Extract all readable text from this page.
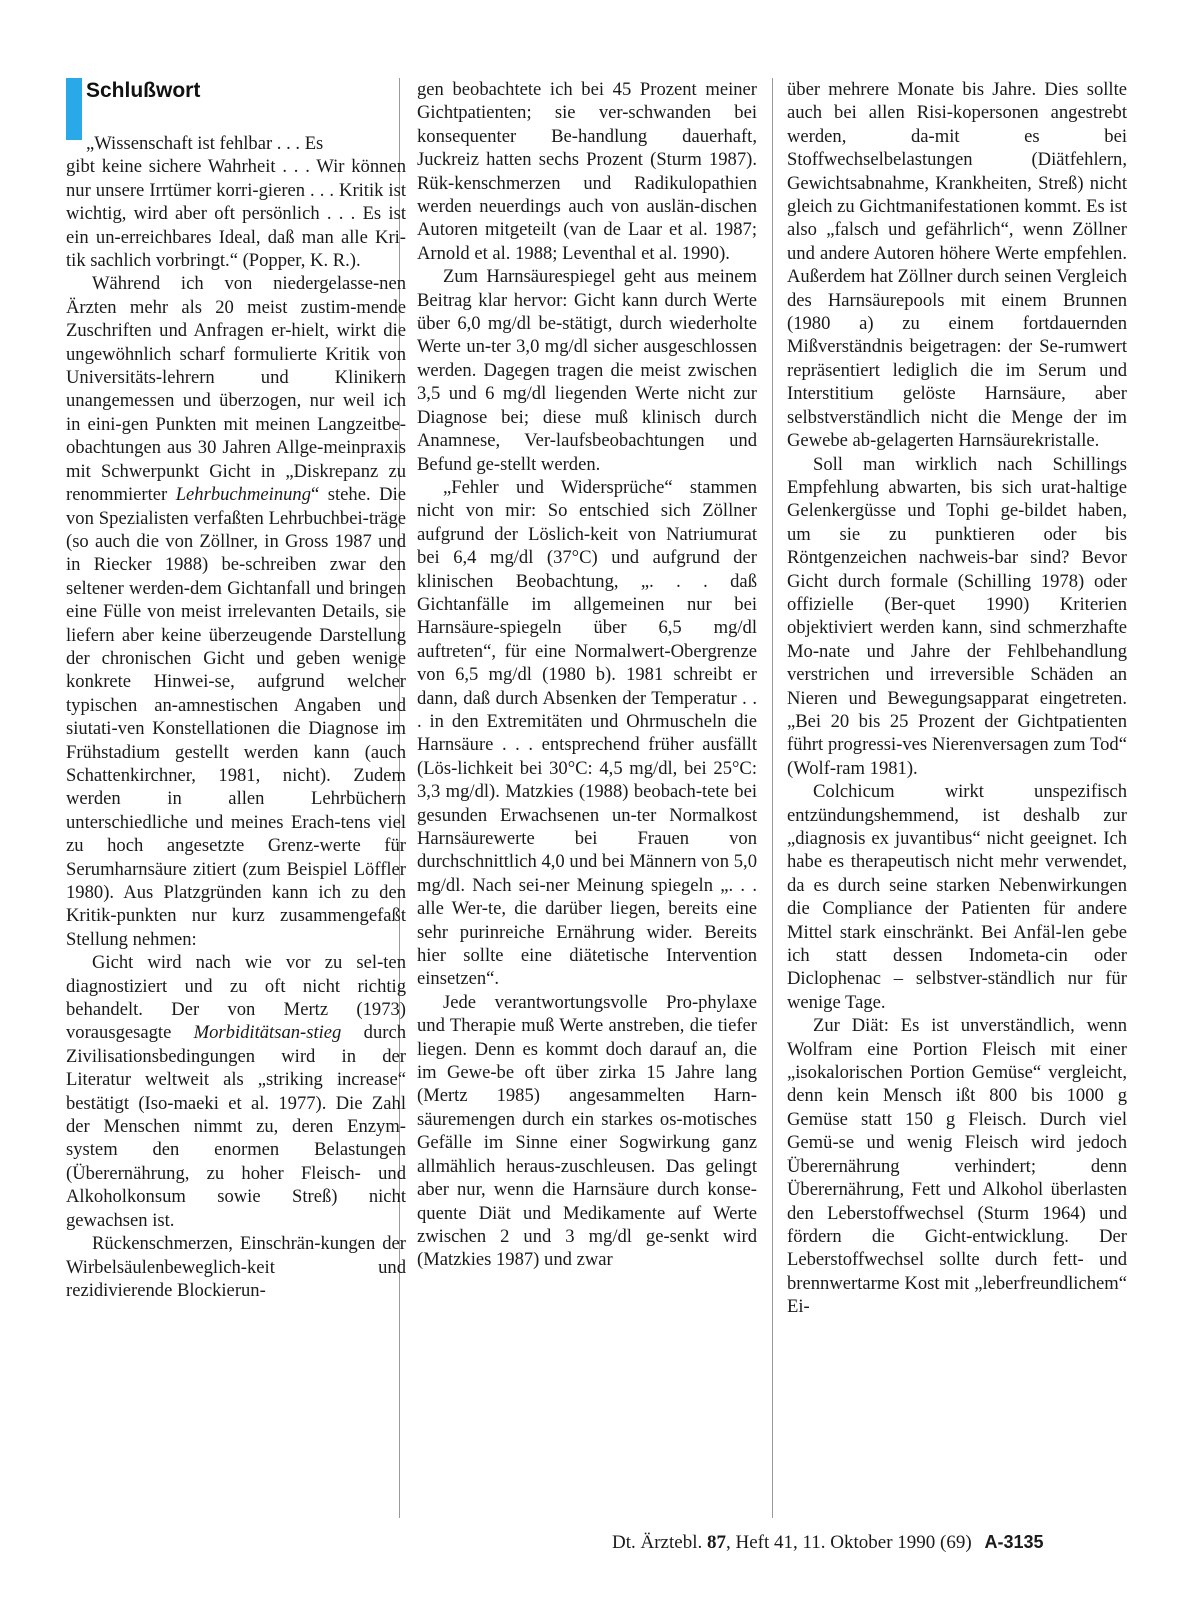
Schlußwort

„Wissenschaft ist fehlbar . . . Es

gibt keine sichere Wahrheit . . . Wir können nur unsere Irrtümer korri-gieren . . . Kritik ist wichtig, wird aber oft persönlich . . . Es ist ein un-erreichbares Ideal, daß man alle Kri-tik sachlich vorbringt.“ (Popper, K. R.).

Während ich von niedergelasse-nen Ärzten mehr als 20 meist zustim-mende Zuschriften und Anfragen er-hielt, wirkt die ungewöhnlich scharf formulierte Kritik von Universitäts-lehrern und Klinikern unangemessen und überzogen, nur weil ich in eini-gen Punkten mit meinen Langzeitbe-obachtungen aus 30 Jahren Allge-meinpraxis mit Schwerpunkt Gicht in „Diskrepanz zu renommierter Lehrbuchmeinung“ stehe. Die von Spezialisten verfaßten Lehrbuchbei-träge (so auch die von Zöllner, in Gross 1987 und in Riecker 1988) be-schreiben zwar den seltener werden-dem Gichtanfall und bringen eine Fülle von meist irrelevanten Details, sie liefern aber keine überzeugende Darstellung der chronischen Gicht und geben wenige konkrete Hinwei-se, aufgrund welcher typischen an-amnestischen Angaben und siutati-ven Konstellationen die Diagnose im Frühstadium gestellt werden kann (auch Schattenkirchner, 1981, nicht). Zudem werden in allen Lehrbüchern unterschiedliche und meines Erach-tens viel zu hoch angesetzte Grenz-werte für Serumharnsäure zitiert (zum Beispiel Löffler 1980). Aus Platzgründen kann ich zu den Kritik-punkten nur kurz zusammengefaßt Stellung nehmen:

Gicht wird nach wie vor zu sel-ten diagnostiziert und zu oft nicht richtig behandelt. Der von Mertz (1973) vorausgesagte Morbiditätsan-stieg durch Zivilisationsbedingungen wird in der Literatur weltweit als „striking increase“ bestätigt (Iso-maeki et al. 1977). Die Zahl der Menschen nimmt zu, deren Enzym-system den enormen Belastungen (Überernährung, zu hoher Fleisch- und Alkoholkonsum sowie Streß) nicht gewachsen ist.

Rückenschmerzen, Einschrän-kungen der Wirbelsäulenbeweglich-keit und rezidivierende Blockierun-

gen beobachtete ich bei 45 Prozent meiner Gichtpatienten; sie ver-schwanden bei konsequenter Be-handlung dauerhaft, Juckreiz hatten sechs Prozent (Sturm 1987). Rük-kenschmerzen und Radikulopathien werden neuerdings auch von auslän-dischen Autoren mitgeteilt (van de Laar et al. 1987; Arnold et al. 1988; Leventhal et al. 1990).

Zum Harnsäurespiegel geht aus meinem Beitrag klar hervor: Gicht kann durch Werte über 6,0 mg/dl be-stätigt, durch wiederholte Werte un-ter 3,0 mg/dl sicher ausgeschlossen werden. Dagegen tragen die meist zwischen 3,5 und 6 mg/dl liegenden Werte nicht zur Diagnose bei; diese muß klinisch durch Anamnese, Ver-laufsbeobachtungen und Befund ge-stellt werden.

„Fehler und Widersprüche“ stammen nicht von mir: So entschied sich Zöllner aufgrund der Löslich-keit von Natriumurat bei 6,4 mg/dl (37°C) und aufgrund der klinischen Beobachtung, „. . . daß Gichtanfälle im allgemeinen nur bei Harnsäure-spiegeln über 6,5 mg/dl auftreten“, für eine Normalwert-Obergrenze von 6,5 mg/dl (1980 b). 1981 schreibt er dann, daß durch Absenken der Temperatur . . . in den Extremitäten und Ohrmuscheln die Harnsäure . . . entsprechend früher ausfällt (Lös-lichkeit bei 30°C: 4,5 mg/dl, bei 25°C: 3,3 mg/dl). Matzkies (1988) beobach-tete bei gesunden Erwachsenen un-ter Normalkost Harnsäurewerte bei Frauen von durchschnittlich 4,0 und bei Männern von 5,0 mg/dl. Nach sei-ner Meinung spiegeln „. . . alle Wer-te, die darüber liegen, bereits eine sehr purinreiche Ernährung wider. Bereits hier sollte eine diätetische Intervention einsetzen“.

Jede verantwortungsvolle Pro-phylaxe und Therapie muß Werte anstreben, die tiefer liegen. Denn es kommt doch darauf an, die im Gewe-be oft über zirka 15 Jahre lang (Mertz 1985) angesammelten Harn-säuremengen durch ein starkes os-motisches Gefälle im Sinne einer Sogwirkung ganz allmählich heraus-zuschleusen. Das gelingt aber nur, wenn die Harnsäure durch konse-quente Diät und Medikamente auf Werte zwischen 2 und 3 mg/dl ge-senkt wird (Matzkies 1987) und zwar

über mehrere Monate bis Jahre. Dies sollte auch bei allen Risi-kopersonen angestrebt werden, da-mit es bei Stoffwechselbelastungen (Diätfehlern, Gewichtsabnahme, Krankheiten, Streß) nicht gleich zu Gichtmanifestationen kommt. Es ist also „falsch und gefährlich“, wenn Zöllner und andere Autoren höhere Werte empfehlen. Außerdem hat Zöllner durch seinen Vergleich des Harnsäurepools mit einem Brunnen (1980 a) zu einem fortdauernden Mißverständnis beigetragen: der Se-rumwert repräsentiert lediglich die im Serum und Interstitium gelöste Harnsäure, aber selbstverständlich nicht die Menge der im Gewebe ab-gelagerten Harnsäurekristalle.

Soll man wirklich nach Schillings Empfehlung abwarten, bis sich urat-haltige Gelenkergüsse und Tophi ge-bildet haben, um sie zu punktieren oder bis Röntgenzeichen nachweis-bar sind? Bevor Gicht durch formale (Schilling 1978) oder offizielle (Ber-quet 1990) Kriterien objektiviert werden kann, sind schmerzhafte Mo-nate und Jahre der Fehlbehandlung verstrichen und irreversible Schäden an Nieren und Bewegungsapparat eingetreten. „Bei 20 bis 25 Prozent der Gichtpatienten führt progressi-ves Nierenversagen zum Tod“ (Wolf-ram 1981).

Colchicum wirkt unspezifisch entzündungshemmend, ist deshalb zur „diagnosis ex juvantibus“ nicht geeignet. Ich habe es therapeutisch nicht mehr verwendet, da es durch seine starken Nebenwirkungen die Compliance der Patienten für andere Mittel stark einschränkt. Bei Anfäl-len gebe ich statt dessen Indometa-cin oder Diclophenac – selbstver-ständlich nur für wenige Tage.

Zur Diät: Es ist unverständlich, wenn Wolfram eine Portion Fleisch mit einer „isokalorischen Portion Gemüse“ vergleicht, denn kein Mensch ißt 800 bis 1000 g Gemüse statt 150 g Fleisch. Durch viel Gemü-se und wenig Fleisch wird jedoch Überernährung verhindert; denn Überernährung, Fett und Alkohol überlasten den Leberstoffwechsel (Sturm 1964) und fördern die Gicht-entwicklung. Der Leberstoffwechsel sollte durch fett- und brennwertarme Kost mit „leberfreundlichem“ Ei-

Dt. Ärztebl. 87, Heft 41, 11. Oktober 1990 (69) A-3135
